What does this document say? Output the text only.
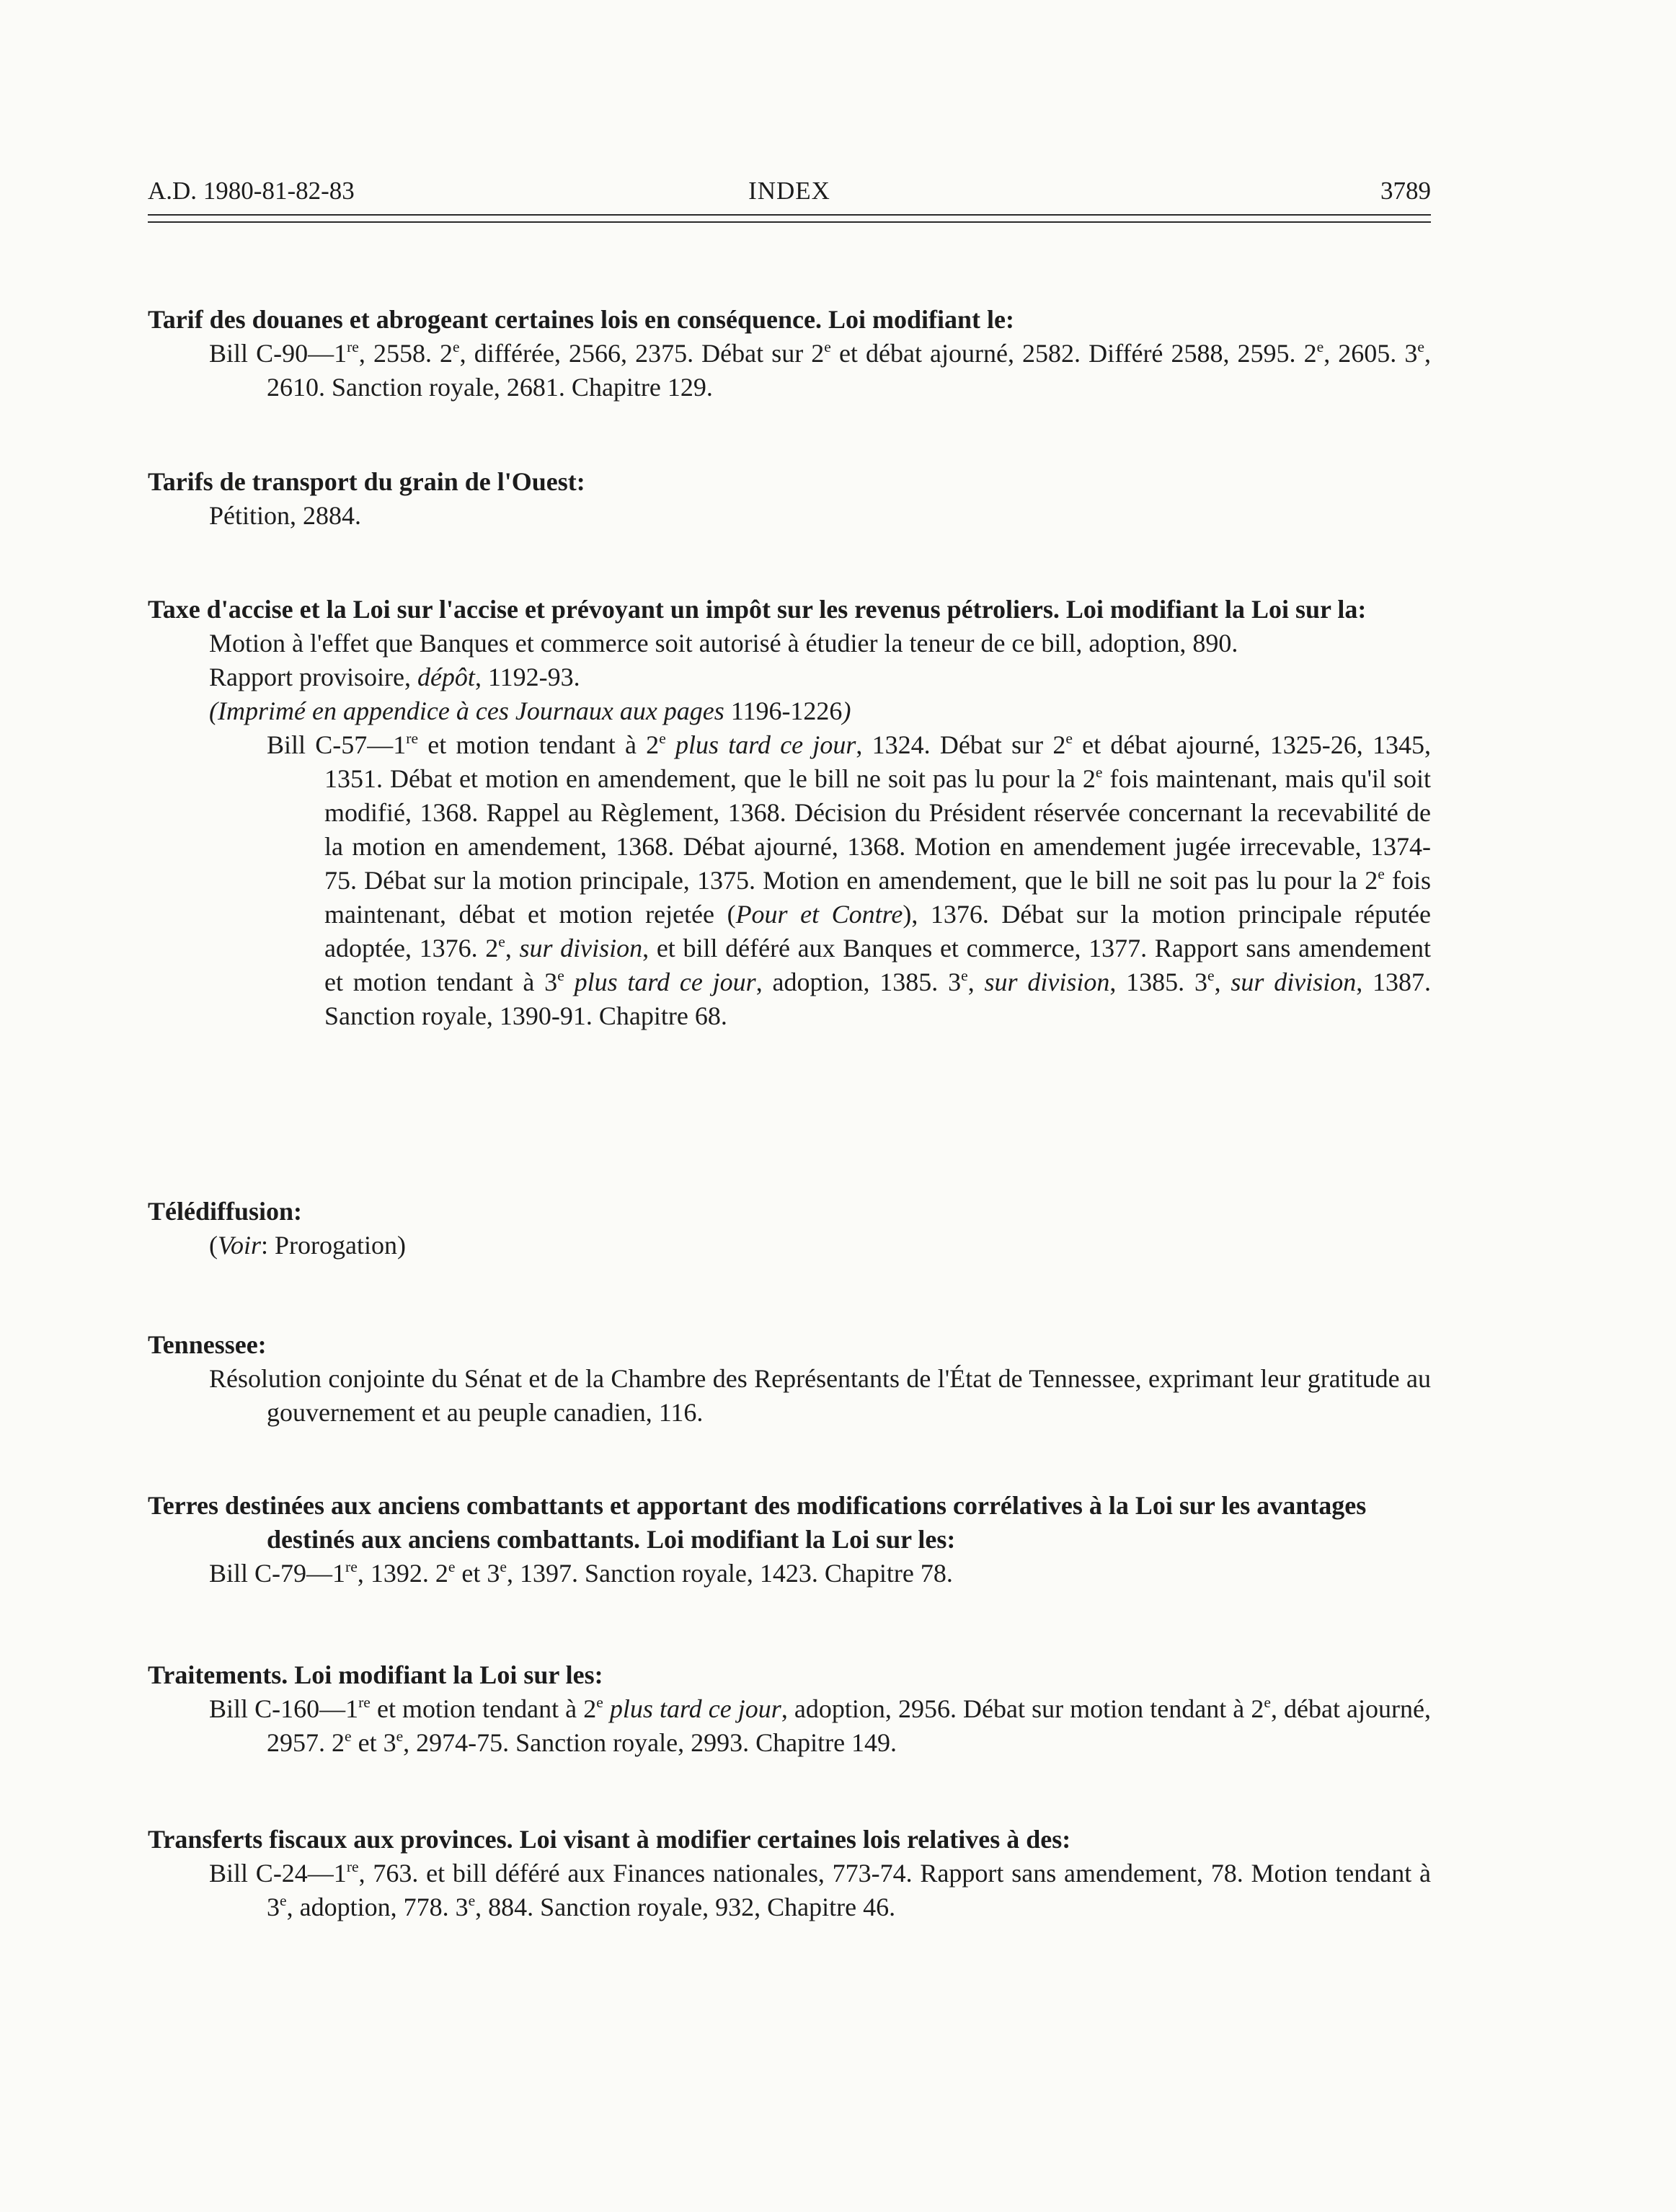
A.D. 1980-81-82-83	INDEX	3789
Tarif des douanes et abrogeant certaines lois en conséquence. Loi modifiant le:
Bill C-90—1re, 2558. 2e, différée, 2566, 2375. Débat sur 2e et débat ajourné, 2582. Différé 2588, 2595. 2e, 2605. 3e, 2610. Sanction royale, 2681. Chapitre 129.
Tarifs de transport du grain de l'Ouest:
Pétition, 2884.
Taxe d'accise et la Loi sur l'accise et prévoyant un impôt sur les revenus pétroliers. Loi modifiant la Loi sur la:
Motion à l'effet que Banques et commerce soit autorisé à étudier la teneur de ce bill, adoption, 890.
Rapport provisoire, dépôt, 1192-93.
(Imprimé en appendice à ces Journaux aux pages 1196-1226)
Bill C-57—1re et motion tendant à 2e plus tard ce jour, 1324. Débat sur 2e et débat ajourné, 1325-26, 1345, 1351. Débat et motion en amendement, que le bill ne soit pas lu pour la 2e fois maintenant, mais qu'il soit modifié, 1368. Rappel au Règlement, 1368. Décision du Président réservée concernant la recevabilité de la motion en amendement, 1368. Débat ajourné, 1368. Motion en amendement jugée irrecevable, 1374-75. Débat sur la motion principale, 1375. Motion en amendement, que le bill ne soit pas lu pour la 2e fois maintenant, débat et motion rejetée (Pour et Contre), 1376. Débat sur la motion principale réputée adoptée, 1376. 2e, sur division, et bill déféré aux Banques et commerce, 1377. Rapport sans amendement et motion tendant à 3e plus tard ce jour, adoption, 1385. 3e, sur division, 1385. 3e, sur division, 1387. Sanction royale, 1390-91. Chapitre 68.
Télédiffusion:
(Voir: Prorogation)
Tennessee:
Résolution conjointe du Sénat et de la Chambre des Représentants de l'État de Tennessee, exprimant leur gratitude au gouvernement et au peuple canadien, 116.
Terres destinées aux anciens combattants et apportant des modifications corrélatives à la Loi sur les avantages destinés aux anciens combattants. Loi modifiant la Loi sur les:
Bill C-79—1re, 1392. 2e et 3e, 1397. Sanction royale, 1423. Chapitre 78.
Traitements. Loi modifiant la Loi sur les:
Bill C-160—1re et motion tendant à 2e plus tard ce jour, adoption, 2956. Débat sur motion tendant à 2e, débat ajourné, 2957. 2e et 3e, 2974-75. Sanction royale, 2993. Chapitre 149.
Transferts fiscaux aux provinces. Loi visant à modifier certaines lois relatives à des:
Bill C-24—1re, 763. et bill déféré aux Finances nationales, 773-74. Rapport sans amendement, 78. Motion tendant à 3e, adoption, 778. 3e, 884. Sanction royale, 932, Chapitre 46.
